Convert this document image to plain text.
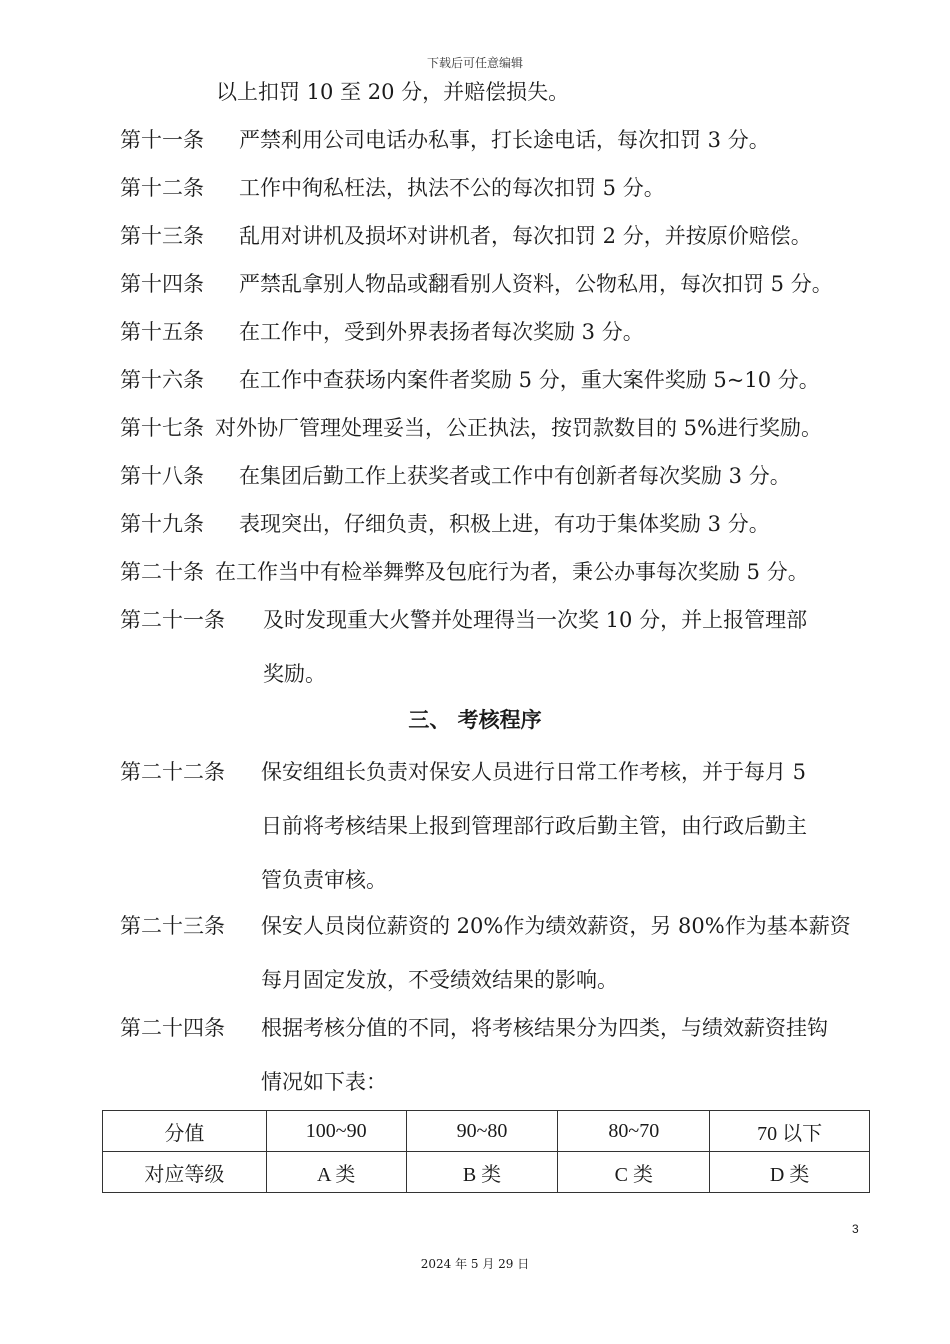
下载后可任意编辑
以上扣罚 10 至 20 分，并赔偿损失。
第十一条 严禁利用公司电话办私事，打长途电话，每次扣罚 3 分。
第十二条 工作中徇私枉法，执法不公的每次扣罚 5 分。
第十三条 乱用对讲机及损坏对讲机者，每次扣罚 2 分，并按原价赔偿。
第十四条 严禁乱拿别人物品或翻看别人资料，公物私用，每次扣罚 5 分。
第十五条 在工作中，受到外界表扬者每次奖励 3 分。
第十六条 在工作中查获场内案件者奖励 5 分，重大案件奖励 5~10 分。
第十七条 对外协厂管理处理妥当，公正执法，按罚款数目的 5%进行奖励。
第十八条 在集团后勤工作上获奖者或工作中有创新者每次奖励 3 分。
第十九条 表现突出，仔细负责，积极上进，有功于集体奖励 3 分。
第二十条 在工作当中有检举舞弊及包庇行为者，秉公办事每次奖励 5 分。
第二十一条 及时发现重大火警并处理得当一次奖 10 分，并上报管理部
奖励。
三、 考核程序
第二十二条 保安组组长负责对保安人员进行日常工作考核，并于每月 5
日前将考核结果上报到管理部行政后勤主管，由行政后勤主
管负责审核。
第二十三条 保安人员岗位薪资的 20%作为绩效薪资，另 80%作为基本薪资
每月固定发放，不受绩效结果的影响。
第二十四条 根据考核分值的不同，将考核结果分为四类，与绩效薪资挂钩
情况如下表：
分值	100~90	90~80	80~70	70 以下
对应等级	A 类	B 类	C 类	D 类
3
2024 年 5 月 29 日
